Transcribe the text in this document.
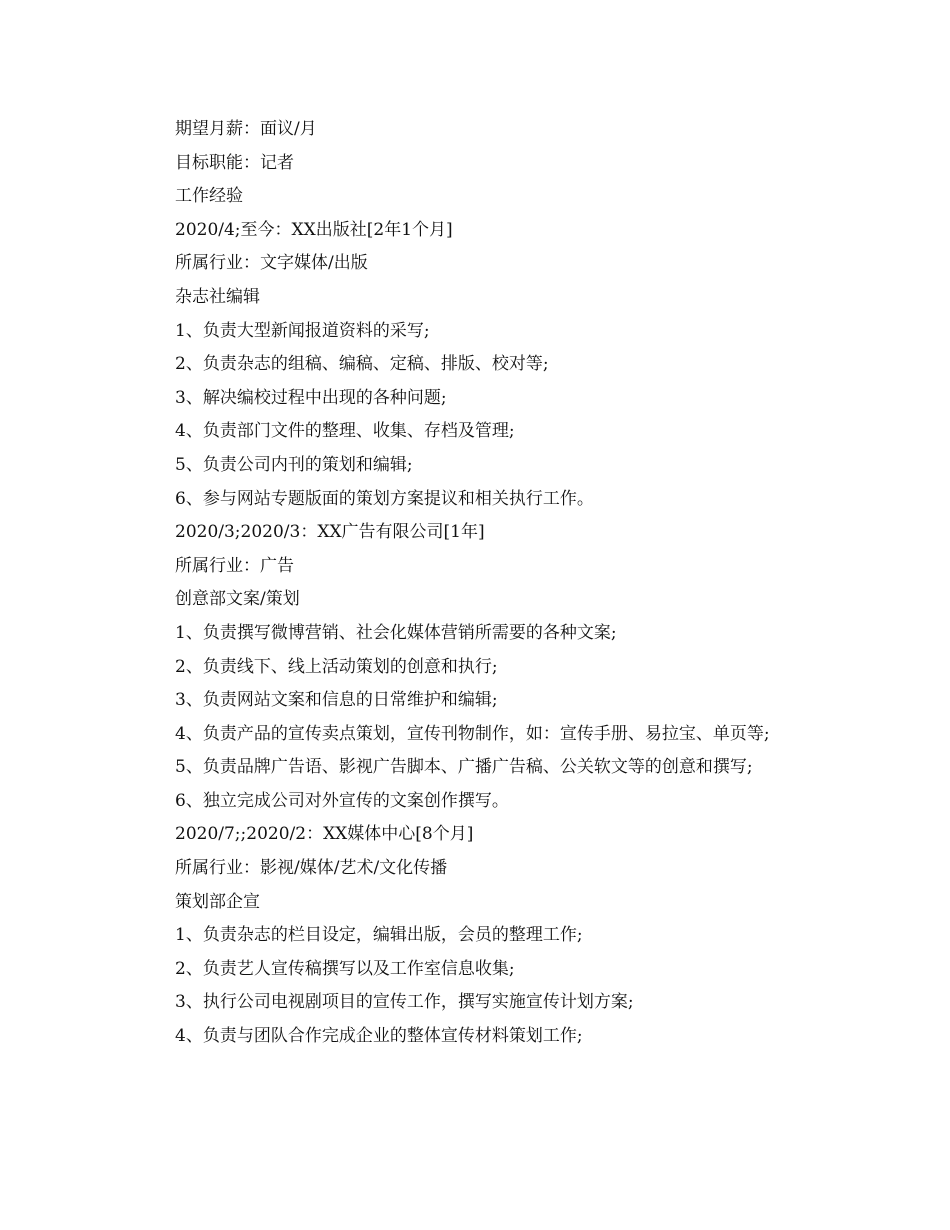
期望月薪：面议/月
目标职能：记者
工作经验
2020/4;至今：XX出版社[2年1个月]
所属行业：文字媒体/出版
杂志社编辑
1、负责大型新闻报道资料的采写;
2、负责杂志的组稿、编稿、定稿、排版、校对等;
3、解决编校过程中出现的各种问题;
4、负责部门文件的整理、收集、存档及管理;
5、负责公司内刊的策划和编辑;
6、参与网站专题版面的策划方案提议和相关执行工作。
2020/3;2020/3：XX广告有限公司[1年]
所属行业：广告
创意部文案/策划
1、负责撰写微博营销、社会化媒体营销所需要的各种文案;
2、负责线下、线上活动策划的创意和执行;
3、负责网站文案和信息的日常维护和编辑;
4、负责产品的宣传卖点策划，宣传刊物制作，如：宣传手册、易拉宝、单页等;
5、负责品牌广告语、影视广告脚本、广播广告稿、公关软文等的创意和撰写;
6、独立完成公司对外宣传的文案创作撰写。
2020/7;;2020/2：XX媒体中心[8个月]
所属行业：影视/媒体/艺术/文化传播
策划部企宣
1、负责杂志的栏目设定，编辑出版，会员的整理工作;
2、负责艺人宣传稿撰写以及工作室信息收集;
3、执行公司电视剧项目的宣传工作，撰写实施宣传计划方案;
4、负责与团队合作完成企业的整体宣传材料策划工作;
